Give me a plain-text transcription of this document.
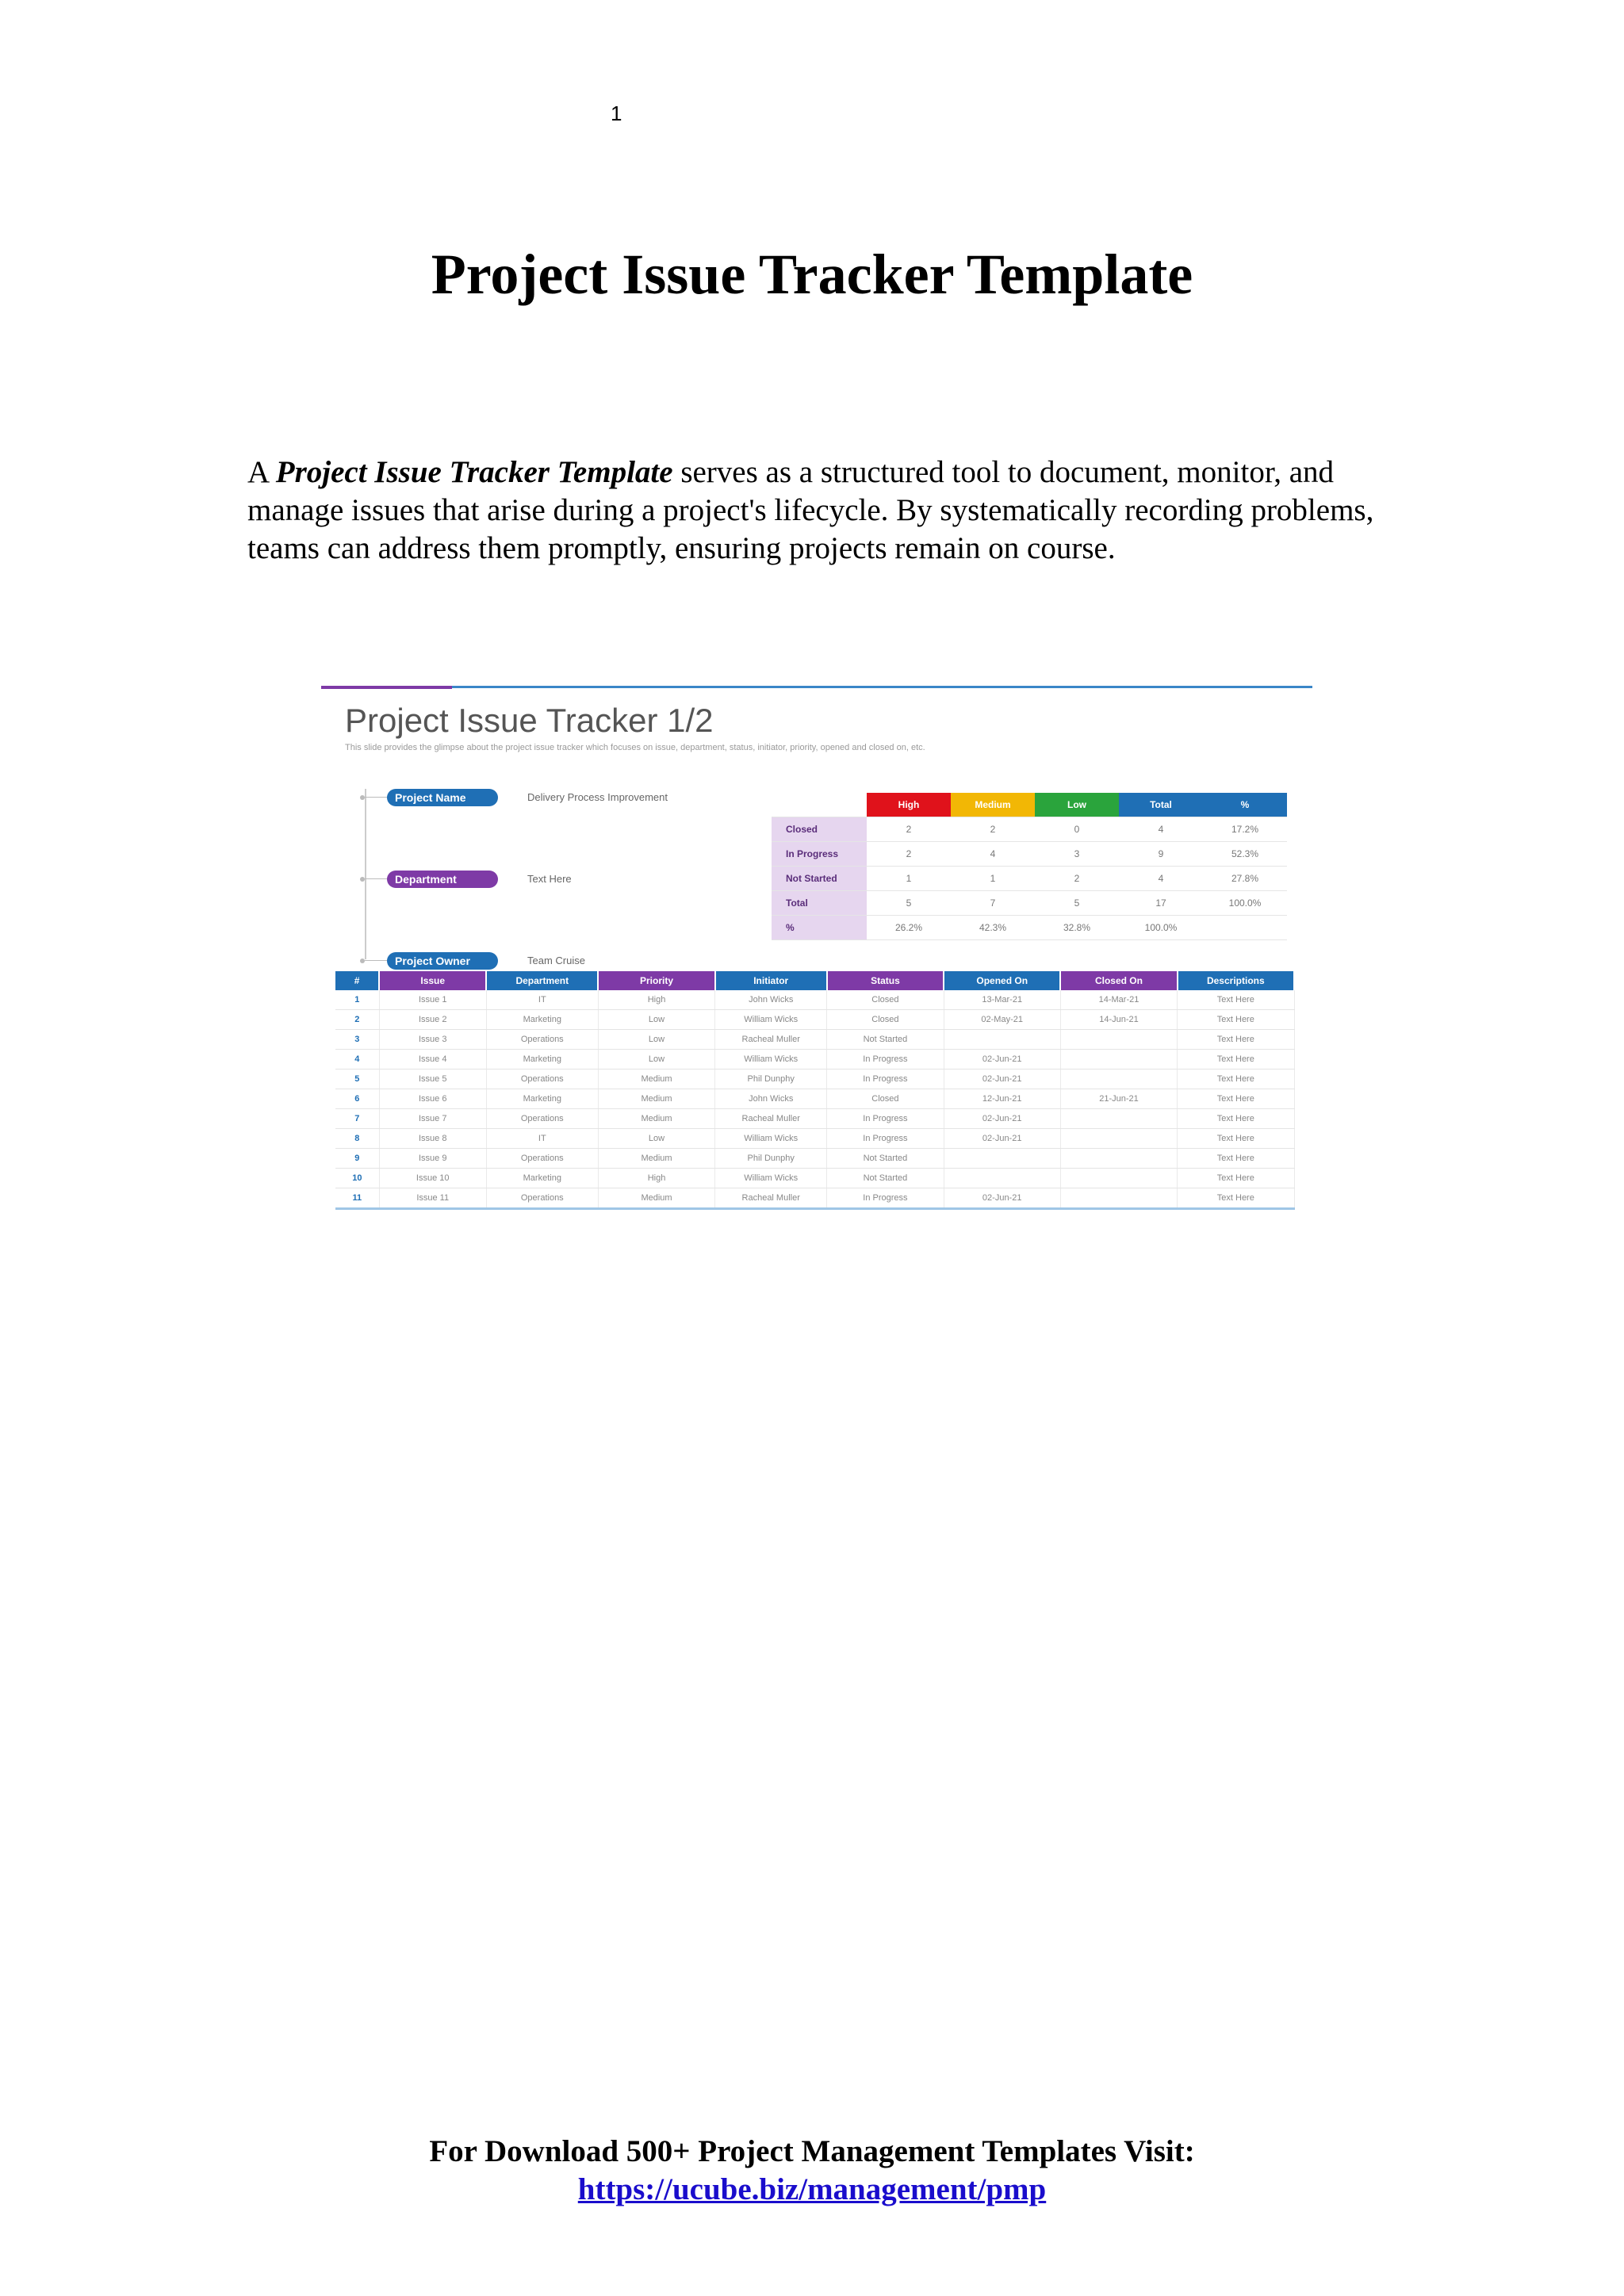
1
Project Issue Tracker Template

A Project Issue Tracker Template serves as a structured tool to document, monitor, and manage issues that arise during a project's lifecycle. By systematically recording problems, teams can address them promptly, ensuring projects remain on course.

Project Issue Tracker 1/2
This slide provides the glimpse about the project issue tracker which focuses on issue, department, status, initiator, priority, opened and closed on, etc.
Project Name	Delivery Process Improvement
Department	Text Here
Project Owner	Team Cruise
	High	Medium	Low	Total	%
Closed	2	2	0	4	17.2%
In Progress	2	4	3	9	52.3%
Not Started	1	1	2	4	27.8%
Total	5	7	5	17	100.0%
%	26.2%	42.3%	32.8%	100.0%	
#	Issue	Department	Priority	Initiator	Status	Opened On	Closed On	Descriptions
1	Issue 1	IT	High	John Wicks	Closed	13-Mar-21	14-Mar-21	Text Here
2	Issue 2	Marketing	Low	William Wicks	Closed	02-May-21	14-Jun-21	Text Here
3	Issue 3	Operations	Low	Racheal Muller	Not Started			Text Here
4	Issue 4	Marketing	Low	William Wicks	In Progress	02-Jun-21		Text Here
5	Issue 5	Operations	Medium	Phil Dunphy	In Progress	02-Jun-21		Text Here
6	Issue 6	Marketing	Medium	John Wicks	Closed	12-Jun-21	21-Jun-21	Text Here
7	Issue 7	Operations	Medium	Racheal Muller	In Progress	02-Jun-21		Text Here
8	Issue 8	IT	Low	William Wicks	In Progress	02-Jun-21		Text Here
9	Issue 9	Operations	Medium	Phil Dunphy	Not Started			Text Here
10	Issue 10	Marketing	High	William Wicks	Not Started			Text Here
11	Issue 11	Operations	Medium	Racheal Muller	In Progress	02-Jun-21		Text Here
For Download 500+ Project Management Templates Visit:
https://ucube.biz/management/pmp
